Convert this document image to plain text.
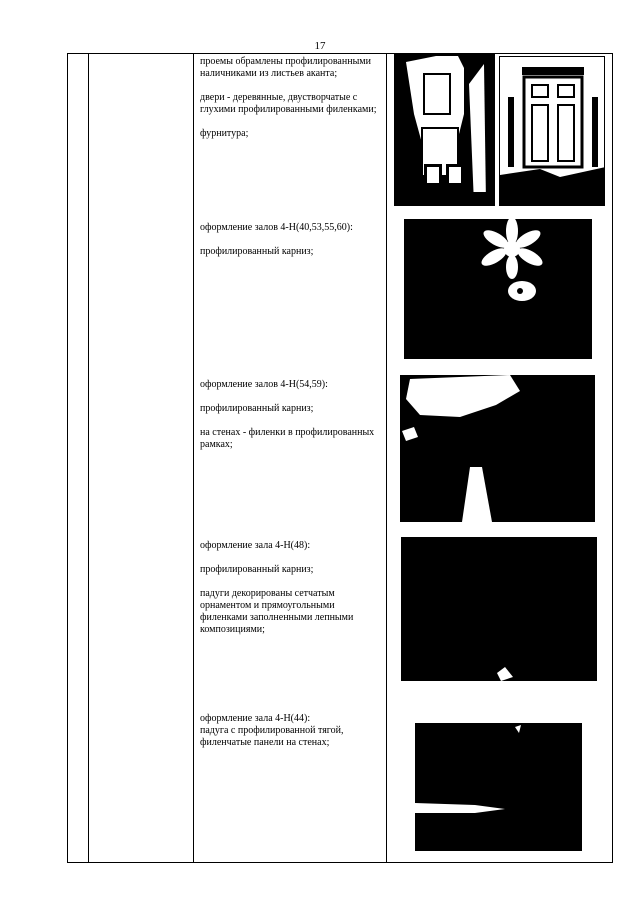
17

проемы обрамлены профилированными наличниками из листьев аканта;

двери - деревянные, двустворчатые с глухими профилированными филенками;

фурнитура;

оформление залов 4-Н(40,53,55,60):

профилированный карниз;

оформление залов 4-Н(54,59):

профилированный карниз;

на стенах - филенки в профилированных рамках;

оформление зала 4-Н(48):

профилированный карниз;

падуги декорированы сетчатым орнаментом и прямоугольными филенками заполненными лепными композициями;

оформление зала 4-Н(44):

падуга с профилированной тягой, филенчатые панели на стенах;
